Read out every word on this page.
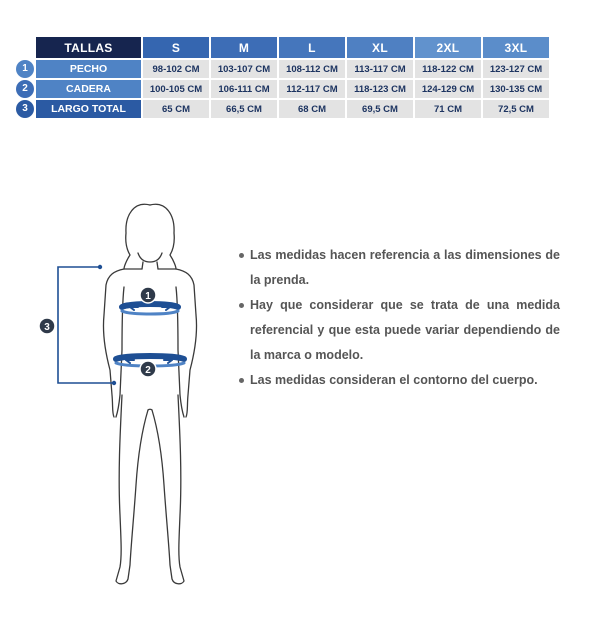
TALLAS	S	M	L	XL	2XL	3XL

1 PECHO	98-102 CM	103-107 CM	108-112 CM	113-117 CM	118-122 CM	123-127 CM

2 CADERA	100-105 CM	106-111 CM	112-117 CM	118-123 CM	124-129 CM	130-135 CM

3 LARGO TOTAL	65 CM	66,5 CM	68 CM	69,5 CM	71 CM	72,5 CM
1
2
3
Las medidas hacen referencia a las dimensiones de la prenda.
Hay que considerar que se trata de una medida referencial y que esta puede variar dependiendo de la marca o modelo.
Las medidas consideran el contorno del cuerpo.
